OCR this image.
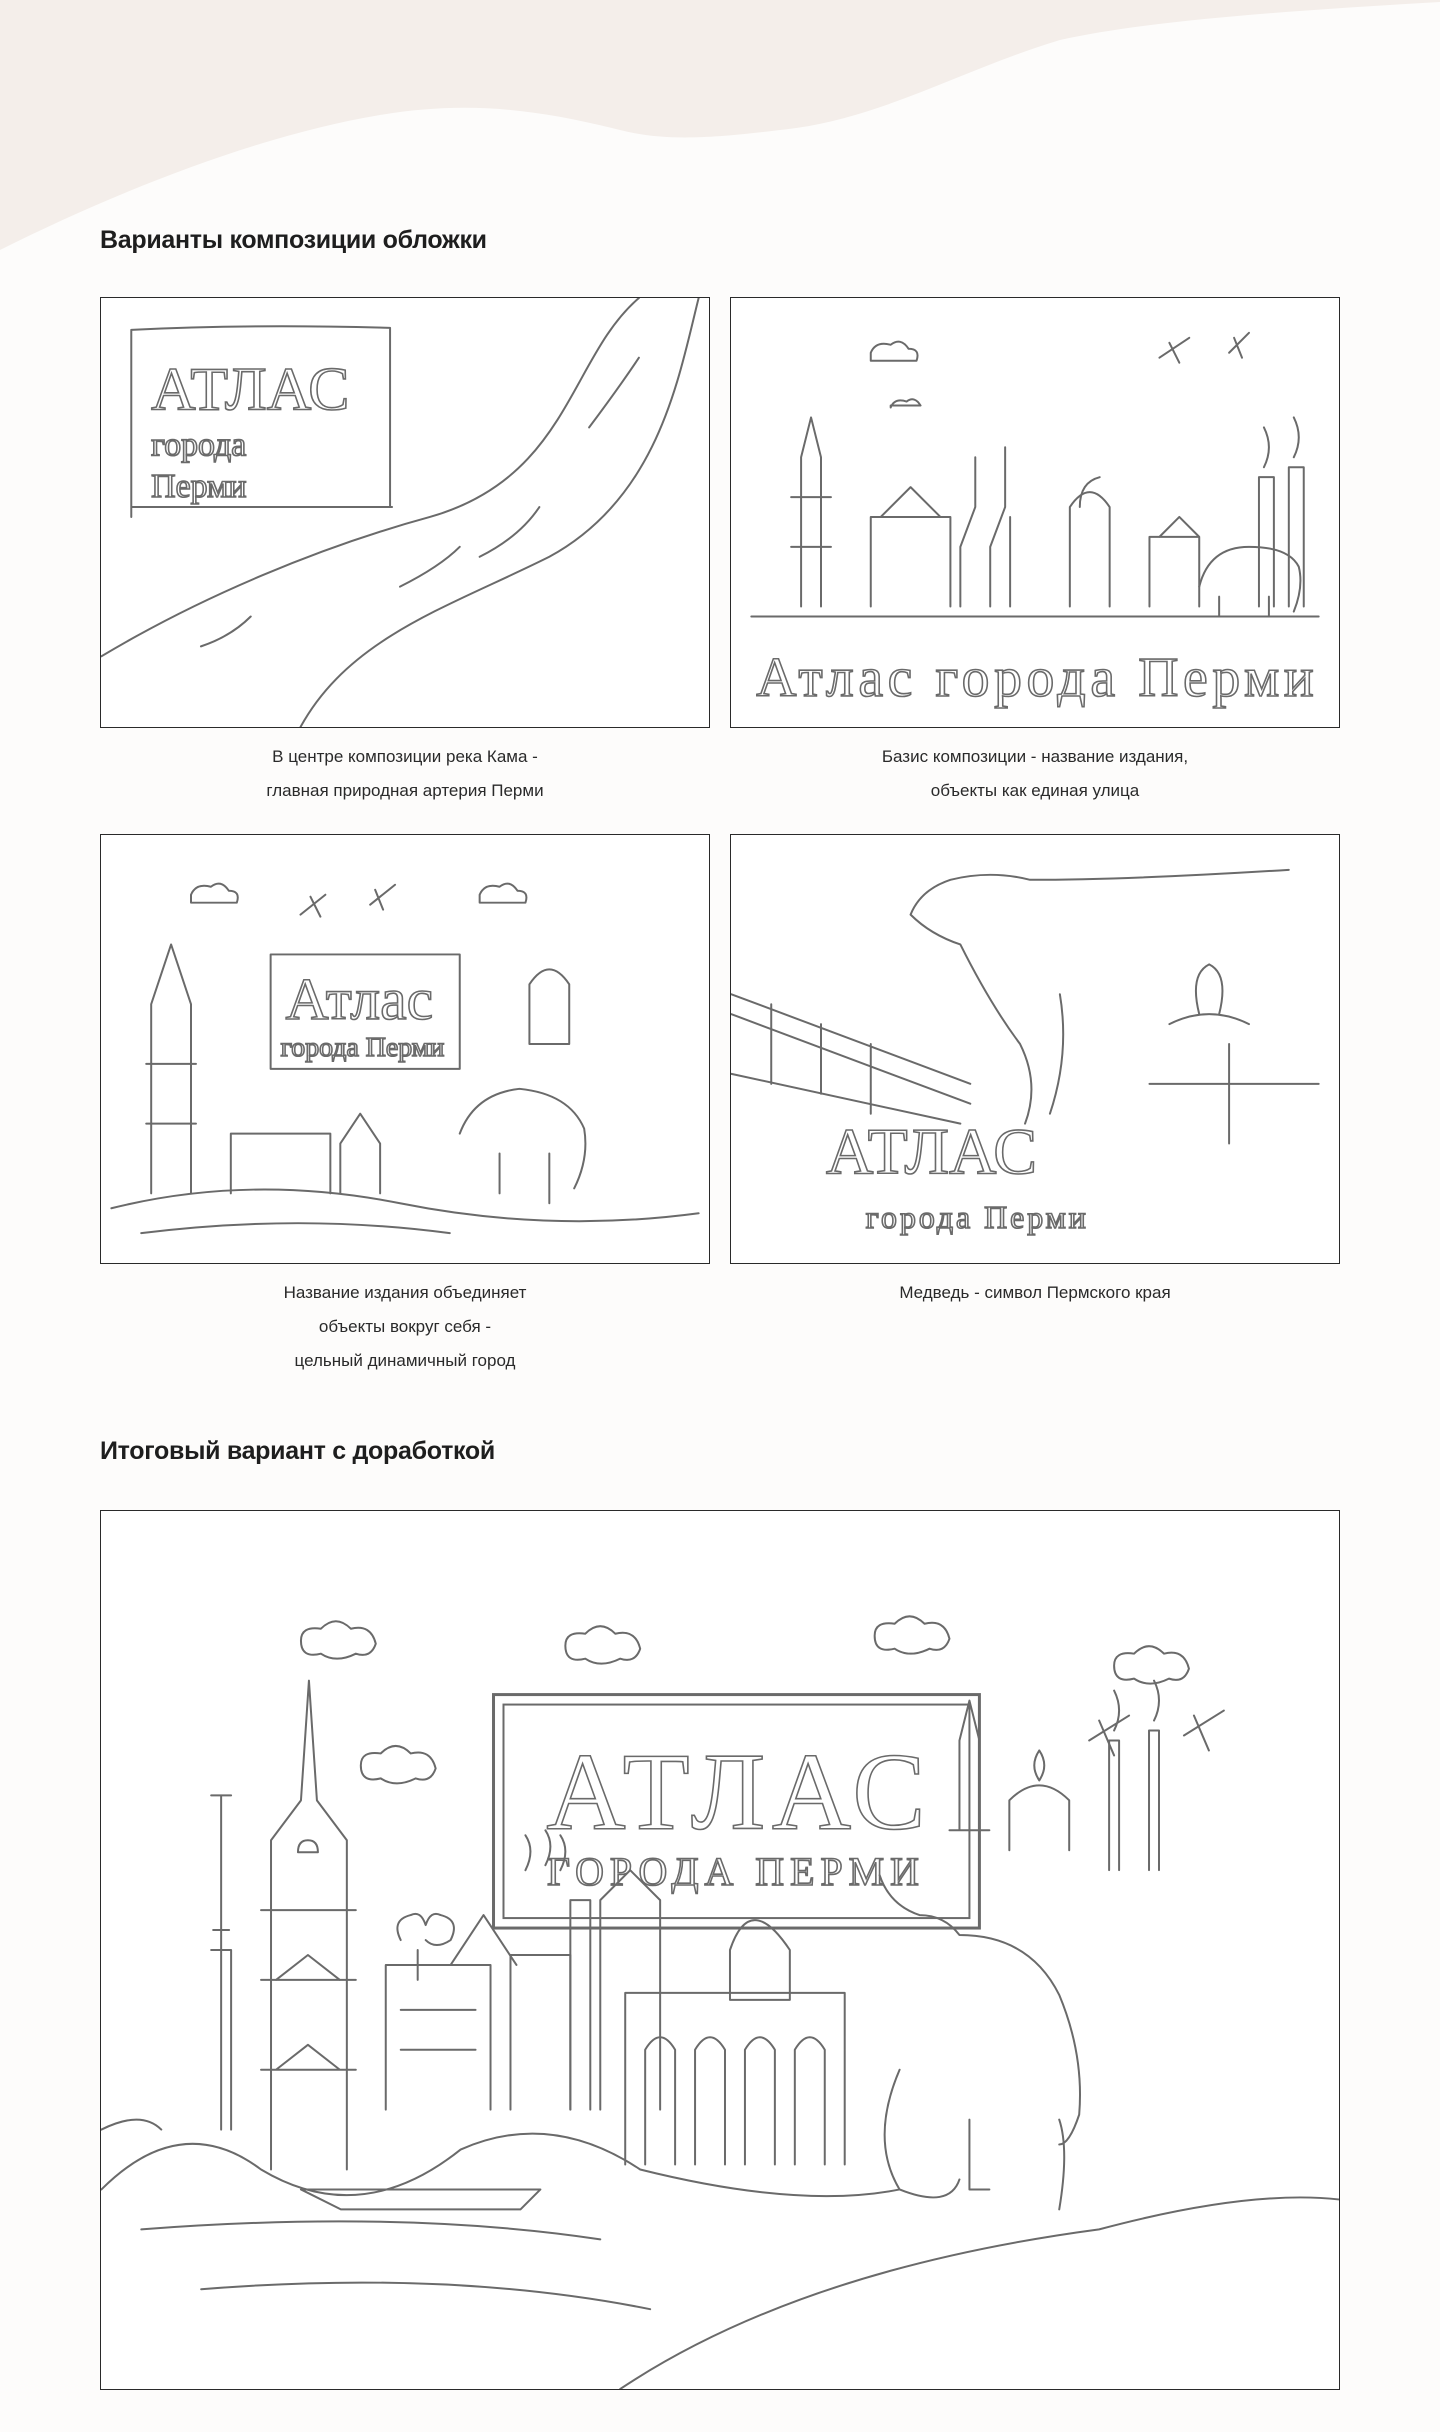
Варианты композиции обложки
АТЛАС
города
Перми
В центре композиции река Кама -
главная природная артерия Перми
Атлас города Перми
Базис композиции - название издания,
объекты как единая улица
Атлас
города Перми
Название издания объединяет
объекты вокруг себя -
цельный динамичный город
АТЛАС
города Перми
Медведь - символ Пермского края
Итоговый вариант с доработкой
АТЛАС
ГОРОДА ПЕРМИ
